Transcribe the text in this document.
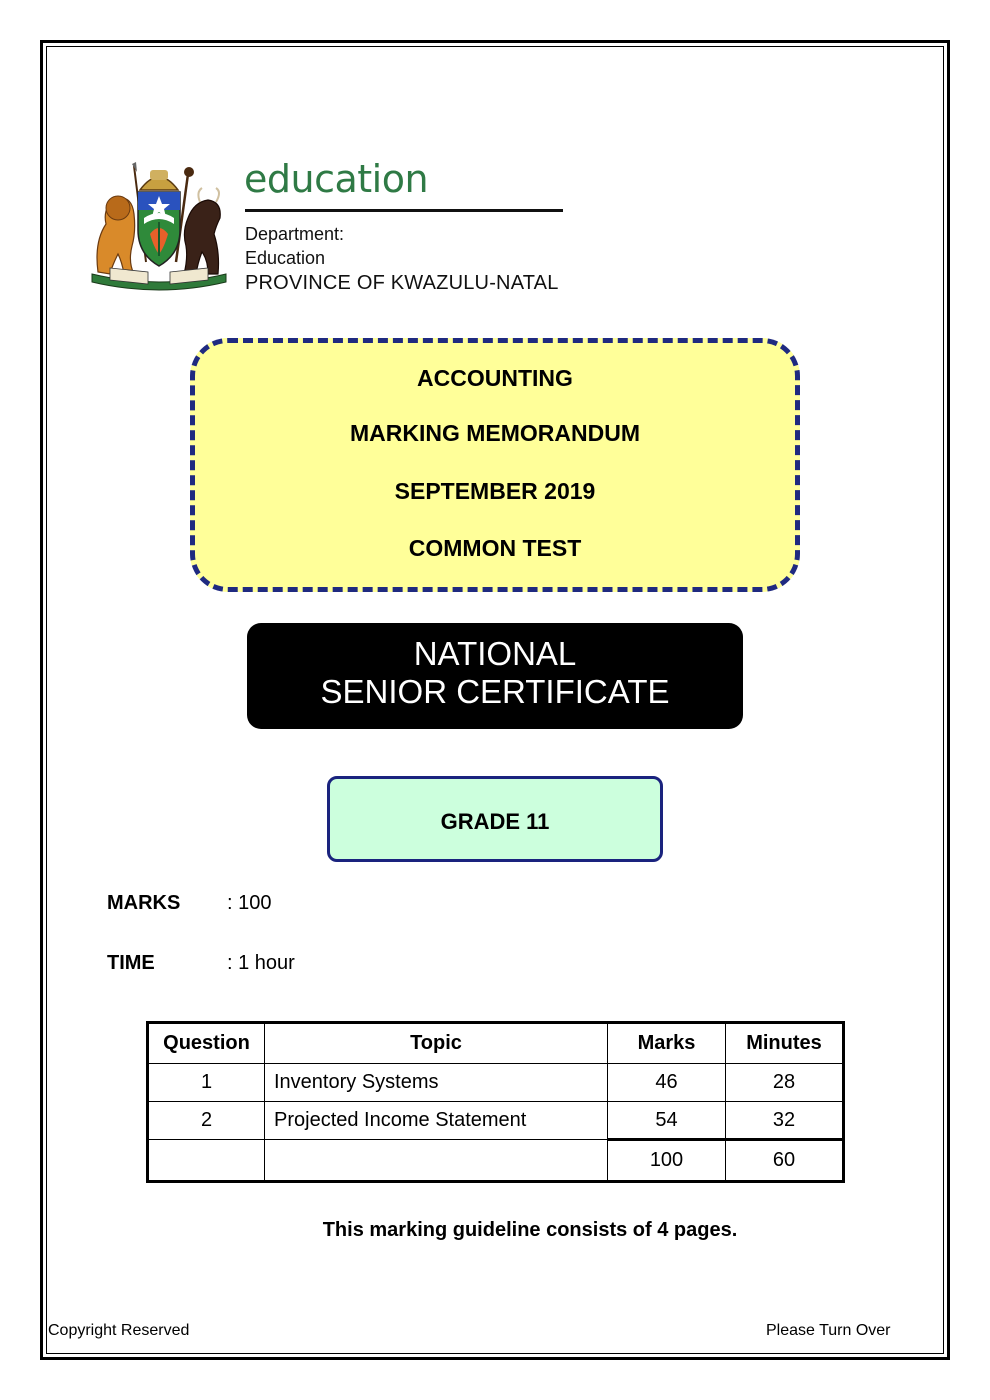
education
Department:
Education
PROVINCE OF KWAZULU-NATAL
ACCOUNTING
MARKING MEMORANDUM
SEPTEMBER 2019
COMMON TEST
NATIONAL
SENIOR CERTIFICATE
GRADE 11
MARKS : 100
TIME	: 1 hour
Question	Topic	Marks	Minutes
1	Inventory Systems	46	28
2	Projected Income Statement	54	32
		100	60
This marking guideline consists of 4 pages.
Copyright Reserved	Please Turn Over
